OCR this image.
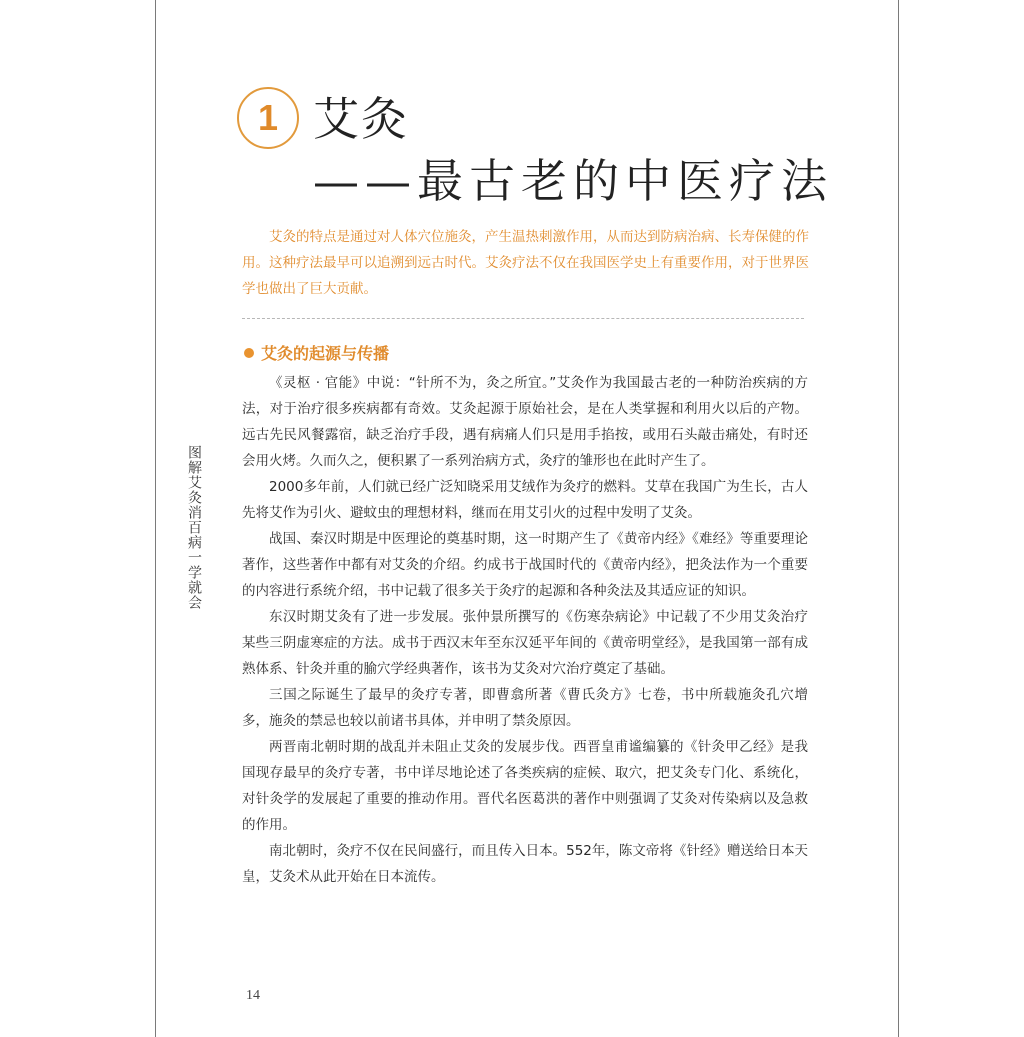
1 艾灸
——最古老的中医疗法

艾灸的特点是通过对人体穴位施灸，产生温热刺激作用，从而达到防病治病、长寿保健的作用。这种疗法最早可以追溯到远古时代。艾灸疗法不仅在我国医学史上有重要作用，对于世界医学也做出了巨大贡献。

艾灸的起源与传播

《灵枢 · 官能》中说：“针所不为，灸之所宜。”艾灸作为我国最古老的一种防治疾病的方法，对于治疗很多疾病都有奇效。艾灸起源于原始社会，是在人类掌握和利用火以后的产物。远古先民风餐露宿，缺乏治疗手段，遇有病痛人们只是用手掐按，或用石头敲击痛处，有时还会用火烤。久而久之，便积累了一系列治病方式，灸疗的雏形也在此时产生了。

2000多年前，人们就已经广泛知晓采用艾绒作为灸疗的燃料。艾草在我国广为生长，古人先将艾作为引火、避蚊虫的理想材料，继而在用艾引火的过程中发明了艾灸。

战国、秦汉时期是中医理论的奠基时期，这一时期产生了《黄帝内经》《难经》等重要理论著作，这些著作中都有对艾灸的介绍。约成书于战国时代的《黄帝内经》，把灸法作为一个重要的内容进行系统介绍，书中记载了很多关于灸疗的起源和各种灸法及其适应证的知识。

东汉时期艾灸有了进一步发展。张仲景所撰写的《伤寒杂病论》中记载了不少用艾灸治疗某些三阴虚寒症的方法。成书于西汉末年至东汉延平年间的《黄帝明堂经》，是我国第一部有成熟体系、针灸并重的腧穴学经典著作，该书为艾灸对穴治疗奠定了基础。

三国之际诞生了最早的灸疗专著，即曹翕所著《曹氏灸方》七卷，书中所载施灸孔穴增多，施灸的禁忌也较以前诸书具体，并申明了禁灸原因。

两晋南北朝时期的战乱并未阻止艾灸的发展步伐。西晋皇甫谧编纂的《针灸甲乙经》是我国现存最早的灸疗专著，书中详尽地论述了各类疾病的症候、取穴，把艾灸专门化、系统化，对针灸学的发展起了重要的推动作用。晋代名医葛洪的著作中则强调了艾灸对传染病以及急救的作用。

南北朝时，灸疗不仅在民间盛行，而且传入日本。552年，陈文帝将《针经》赠送给日本天皇，艾灸术从此开始在日本流传。

图解艾灸消百病一学就会
14
